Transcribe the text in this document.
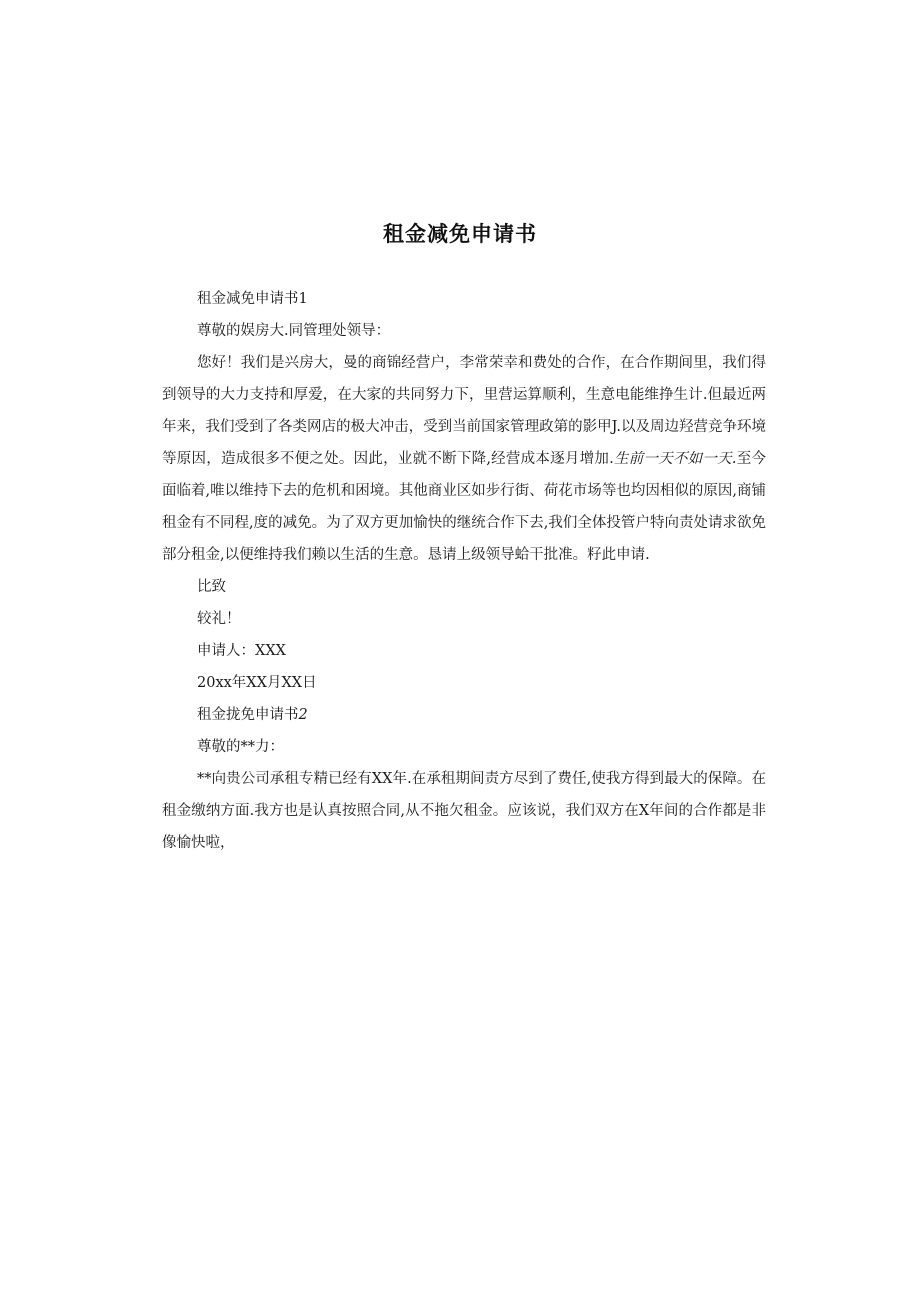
租金减免申请书

租金减免申请书1

尊敬的娱房大.同管理处领导：

您好！我们是兴房大，曼的商锦经营户，李常荣幸和费处的合作，在合作期间里，我们得到领导的大力支持和厚爱，在大家的共同努力下，里营运算顺利，生意电能维挣生计.但最近两年来，我们受到了各类网店的极大冲击，受到当前国家管理政第的影甲J.以及周边羟营竞争环境等原因，造成很多不便之处。因此，业就不断下降,经营成本逐月增加.生前一天不如一天.至今面临着,唯以维持下去的危机和困境。其他商业区如步行街、荷花市场等也均因相似的原因,商铺租金有不同程,度的减免。为了双方更加愉快的继统合作下去,我们全体投管户特向责处请求欲免部分租金,以便维持我们赖以生活的生意。恳请上级领导蛤干批准。籽此申请.

比致

较礼！

申请人：XXX

20xx年XX月XX日

租金拢免申请书2

尊敬的**力：

**向贵公司承租专精已经有XX年.在承租期间责方尽到了费任,使我方得到最大的保障。在租金缴纳方面.我方也是认真按照合同,从不拖欠租金。应该说，我们双方在X年间的合作都是非像愉快啦，
